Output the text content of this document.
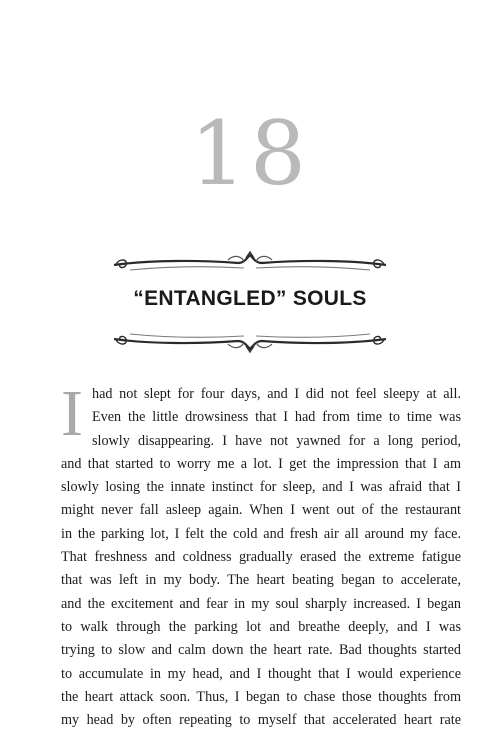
18
“ENTANGLED” SOULS
I had not slept for four days, and I did not feel sleepy at all.
Even the little drowsiness that I had from time to time was
slowly disappearing. I have not yawned for a long period,
and that started to worry me a lot. I get the impression that I am
slowly losing the innate instinct for sleep, and I was afraid that I
might never fall asleep again. When I went out of the restaurant
in the parking lot, I felt the cold and fresh air all around my face.
That freshness and coldness gradually erased the extreme fatigue
that was left in my body. The heart beating began to accelerate,
and the excitement and fear in my soul sharply increased. I began
to walk through the parking lot and breathe deeply, and I was
trying to slow and calm down the heart rate. Bad thoughts started
to accumulate in my head, and I thought that I would experience
the heart attack soon. Thus, I began to chase those thoughts from
my head by often repeating to myself that accelerated heart rate
